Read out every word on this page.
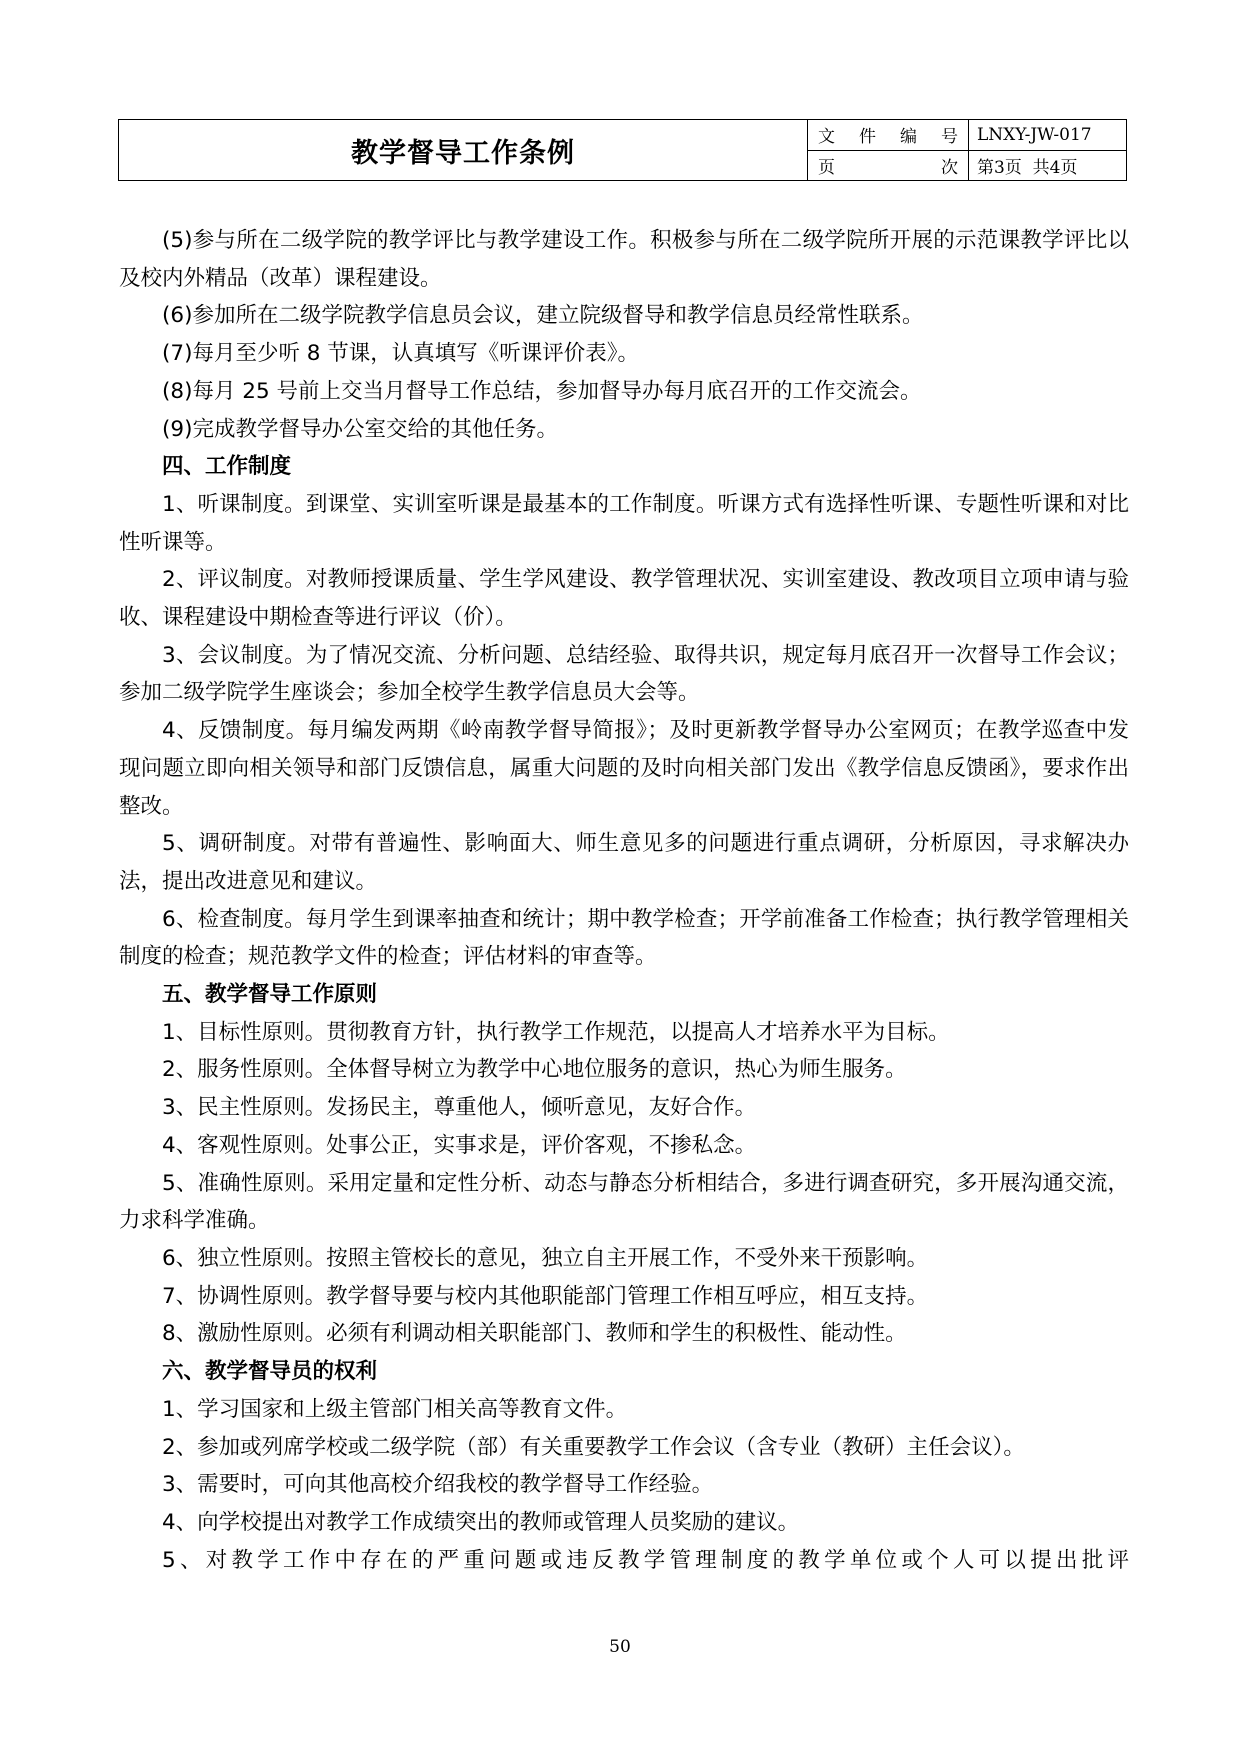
教学督导工作条例	文 件 编 号	LNXY-JW-017

	页 次	第3页  共4页

(5)参与所在二级学院的教学评比与教学建设工作。积极参与所在二级学院所开展的示范课教学评比以及校内外精品（改革）课程建设。

(6)参加所在二级学院教学信息员会议，建立院级督导和教学信息员经常性联系。

(7)每月至少听 8 节课，认真填写《听课评价表》。

(8)每月 25 号前上交当月督导工作总结，参加督导办每月底召开的工作交流会。

(9)完成教学督导办公室交给的其他任务。

四、工作制度

1、听课制度。到课堂、实训室听课是最基本的工作制度。听课方式有选择性听课、专题性听课和对比性听课等。

2、评议制度。对教师授课质量、学生学风建设、教学管理状况、实训室建设、教改项目立项申请与验收、课程建设中期检查等进行评议（价）。

3、会议制度。为了情况交流、分析问题、总结经验、取得共识，规定每月底召开一次督导工作会议；参加二级学院学生座谈会；参加全校学生教学信息员大会等。

4、反馈制度。每月编发两期《岭南教学督导简报》；及时更新教学督导办公室网页；在教学巡查中发现问题立即向相关领导和部门反馈信息，属重大问题的及时向相关部门发出《教学信息反馈函》，要求作出整改。

5、调研制度。对带有普遍性、影响面大、师生意见多的问题进行重点调研，分析原因，寻求解决办法，提出改进意见和建议。

6、检查制度。每月学生到课率抽查和统计；期中教学检查；开学前准备工作检查；执行教学管理相关制度的检查；规范教学文件的检查；评估材料的审查等。

五、教学督导工作原则

1、目标性原则。贯彻教育方针，执行教学工作规范，以提高人才培养水平为目标。

2、服务性原则。全体督导树立为教学中心地位服务的意识，热心为师生服务。

3、民主性原则。发扬民主，尊重他人，倾听意见，友好合作。

4、客观性原则。处事公正，实事求是，评价客观，不掺私念。

5、准确性原则。采用定量和定性分析、动态与静态分析相结合，多进行调查研究，多开展沟通交流，力求科学准确。

6、独立性原则。按照主管校长的意见，独立自主开展工作，不受外来干预影响。

7、协调性原则。教学督导要与校内其他职能部门管理工作相互呼应，相互支持。

8、激励性原则。必须有利调动相关职能部门、教师和学生的积极性、能动性。

六、教学督导员的权利

1、学习国家和上级主管部门相关高等教育文件。

2、参加或列席学校或二级学院（部）有关重要教学工作会议（含专业（教研）主任会议）。

3、需要时，可向其他高校介绍我校的教学督导工作经验。

4、向学校提出对教学工作成绩突出的教师或管理人员奖励的建议。

5、对教学工作中存在的严重问题或违反教学管理制度的教学单位或个人可以提出批评

50
